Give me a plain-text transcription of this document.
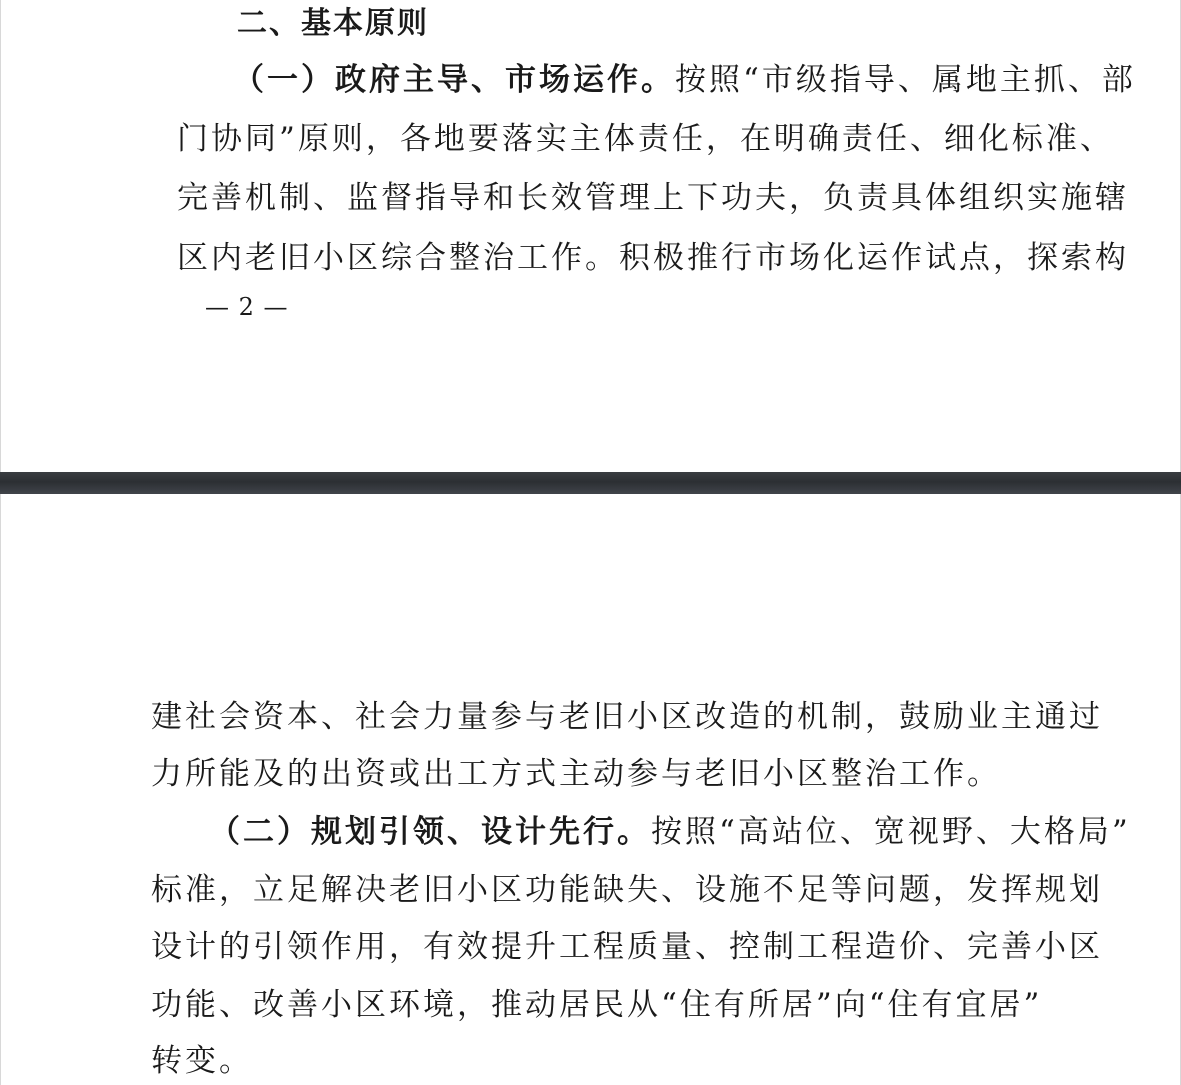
二、基本原则
（一）政府主导、市场运作。按照“市级指导、属地主抓、部
门协同”原则，各地要落实主体责任，在明确责任、细化标准、
完善机制、监督指导和长效管理上下功夫，负责具体组织实施辖
区内老旧小区综合整治工作。积极推行市场化运作试点，探索构
— 2 —
建社会资本、社会力量参与老旧小区改造的机制，鼓励业主通过
力所能及的出资或出工方式主动参与老旧小区整治工作。
（二）规划引领、设计先行。按照“高站位、宽视野、大格局”
标准，立足解决老旧小区功能缺失、设施不足等问题，发挥规划
设计的引领作用，有效提升工程质量、控制工程造价、完善小区
功能、改善小区环境，推动居民从“住有所居”向“住有宜居”
转变。
